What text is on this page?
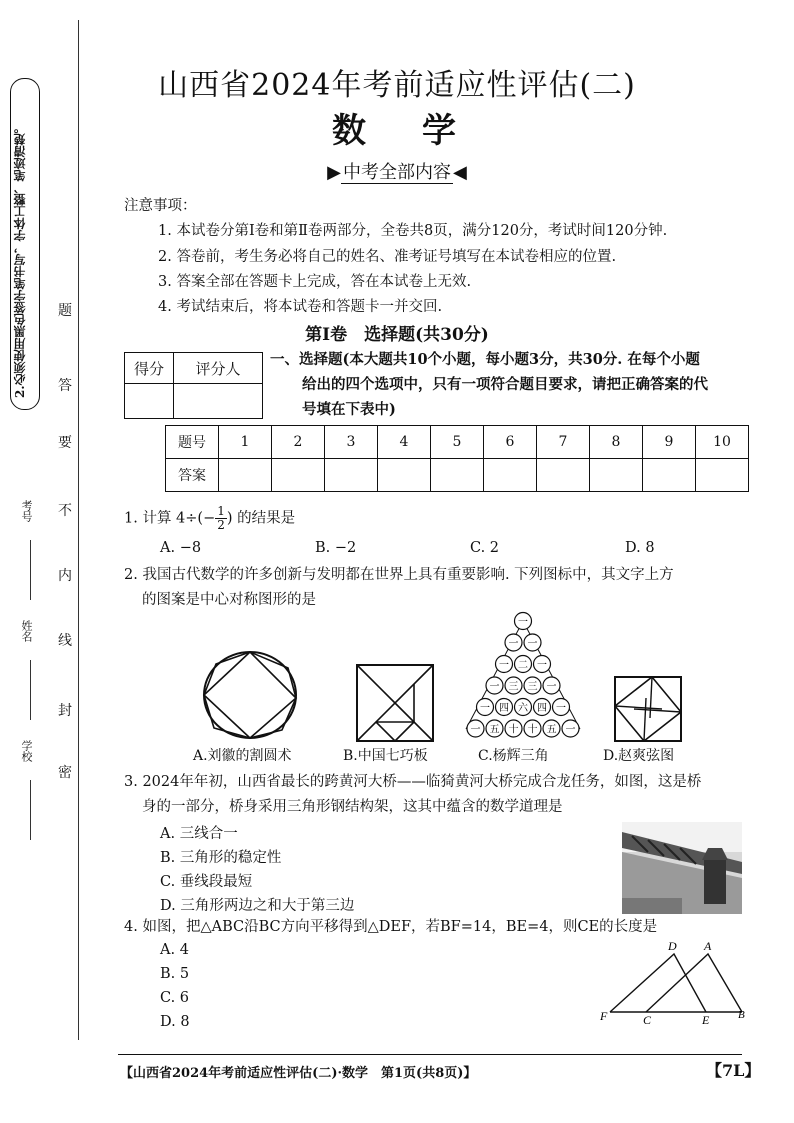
2.必须使用黑色签字笔书写，字体工整、笔迹清楚。 题
答
要
不
内
线
封
密
考号
姓名
学校
山西省2024年考前适应性评估(二)
数学
▶ 中考全部内容 ◀
注意事项：
1. 本试卷分第Ⅰ卷和第Ⅱ卷两部分，全卷共8页，满分120分，考试时间120分钟.
2. 答卷前，考生务必将自己的姓名、准考证号填写在本试卷相应的位置.
3. 答案全部在答题卡上完成，答在本试卷上无效.
4. 考试结束后，将本试卷和答题卡一并交回.
第Ⅰ卷　选择题(共30分)
得分	评分人
	一、选择题(本大题共10个小题，每小题3分，共30分. 在每个小题
给出的四个选项中，只有一项符合题目要求，请把正确答案的代
号填在下表中)
题号	1	2	3	4	5	6	7	8	9	10
答案										
1. 计算 $4\div(- \frac{1}{2}$ ) 的结果是
A. −8	B. −2	C. 2	D. 8
2. 我国古代数学的许多创新与发明都在世界上具有重要影响. 下列图标中，其文字上方
的图案是中心对称图形的是
A.刘徽的割圆术	B.中国七巧板
一
一 一
一 二 一
一 三 三 一
一 四 六 四 一
一 五 十 十 五 一
C.杨辉三角	D.赵爽弦图
3. 2024年年初，山西省最长的跨黄河大桥——临猗黄河大桥完成合龙任务，如图，这是桥
身的一部分，桥身采用三角形钢结构架，这其中蕴含的数学道理是
A. 三线合一
B. 三角形的稳定性
C. 垂线段最短
D. 三角形两边之和大于第三边
4. 如图，把△ABC沿BC方向平移得到△DEF，若BF=14，BE=4，则CE的长度是
A. 4
B. 5
C. 6
D. 8
D A
F	C	E	B
【山西省2024年考前适应性评估(二)·数学　第1页(共8页)】	【7L】
